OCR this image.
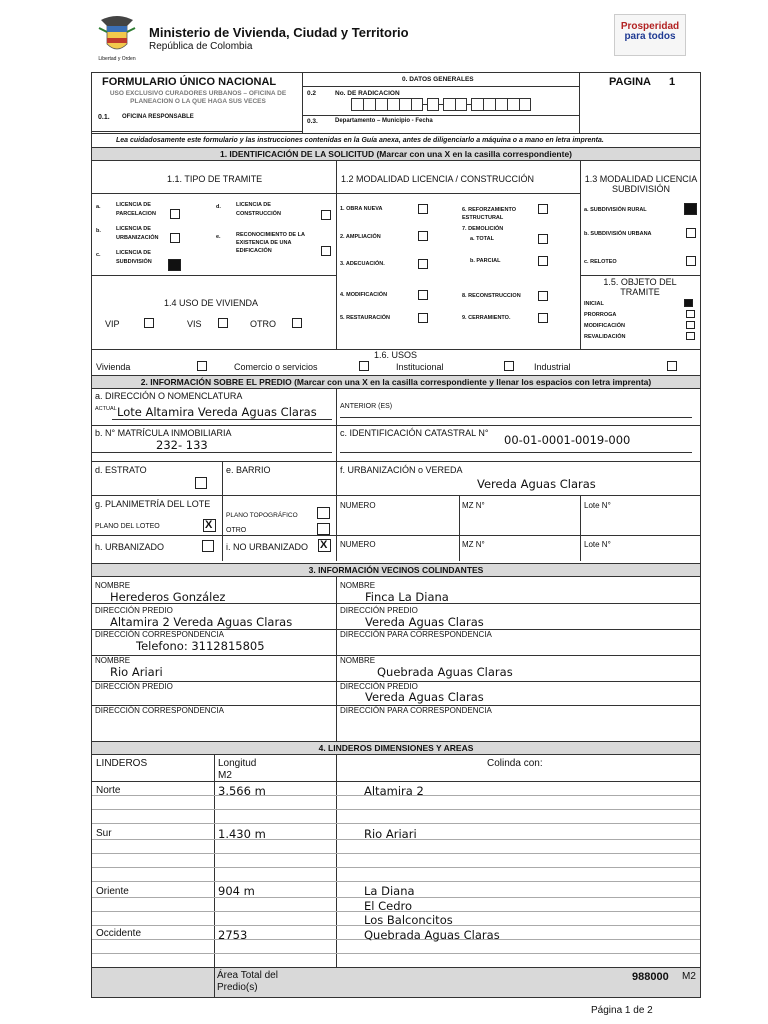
Libertad y Orden
Ministerio de Vivienda, Ciudad y Territorio
República de Colombia
Prosperidad
para todos
FORMULARIO ÚNICO NACIONAL
USO EXCLUSIVO CURADORES URBANOS – OFICINA DE PLANEACION O LA QUE HAGA SUS VECES
0.1. OFICINA RESPONSABLE
0. DATOS GENERALES
0.2	No. DE RADICACION
0.3.	Departamento – Municipio - Fecha
PAGINA 1
Lea cuidadosamente este formulario y las instrucciones contenidas en la Guía anexa, antes de diligenciarlo a máquina o a mano en letra imprenta.
1. IDENTIFICACIÓN DE LA SOLICITUD (Marcar con una X en la casilla correspondiente)
1.1. TIPO DE TRAMITE	1.2 MODALIDAD LICENCIA / CONSTRUCCIÓN	1.3 MODALIDAD LICENCIA SUBDIVISIÓN
a.	LICENCIA DE PARCELACION
b.	LICENCIA DE URBANIZACIÓN
c.	LICENCIA DE SUBDIVISIÓN
d.	LICENCIA DE CONSTRUCCIÓN
e.	RECONOCIMIENTO DE LA EXISTENCIA DE UNA EDIFICACIÓN
1. OBRA NUEVA
2. AMPLIACIÓN
3. ADECUACIÓN.
6. REFORZAMIENTO ESTRUCTURAL
7. DEMOLICIÓN
a. TOTAL
b. PARCIAL
4. MODIFICACIÓN
5. RESTAURACIÓN
8. RECONSTRUCCION
9. CERRAMIENTO.
a. SUBDIVISIÓN RURAL
b. SUBDIVISIÓN URBANA
c. RELOTEO
1.4 USO DE VIVIENDA
VIP	VIS	OTRO
1.5. OBJETO DEL TRAMITE
INICIAL
PRORROGA
MODIFICACIÓN
REVALIDACIÓN
1.6. USOS
Vivienda	Comercio o servicios	Institucional	Industrial
2. INFORMACIÓN SOBRE EL PREDIO (Marcar con una X en la casilla correspondiente y llenar los espacios con letra imprenta)
a. DIRECCIÓN O NOMENCLATURA
ACTUAL Lote Altamira Vereda Aguas Claras	ANTERIOR (ES)
b. N° MATRÍCULA INMOBILIARIA
232- 133
c. IDENTIFICACIÓN CATASTRAL N° 00-01-0001-0019-000
d. ESTRATO	e. BARRIO	f. URBANIZACIÓN o VEREDA
Vereda Aguas Claras
g. PLANIMETRÍA DEL LOTE
PLANO DEL LOTEO	X
PLANO TOPOGRÁFICO
OTRO
h. URBANIZADO	i. NO URBANIZADO X
NUMERO	MZ N°	Lote N°
NUMERO	MZ N°	Lote N°
3. INFORMACIÓN VECINOS COLINDANTES
NOMBRE
Herederos González
DIRECCIÓN PREDIO
Altamira 2 Vereda Aguas Claras
DIRECCIÓN CORRESPONDENCIA
Telefono: 3112815805
NOMBRE
Finca La Diana
DIRECCIÓN PREDIO
Vereda Aguas Claras
DIRECCIÓN PARA CORRESPONDENCIA
NOMBRE
Rio Ariari
DIRECCIÓN PREDIO
DIRECCIÓN CORRESPONDENCIA
NOMBRE
Quebrada Aguas Claras
DIRECCIÓN PREDIO
Vereda Aguas Claras
DIRECCIÓN PARA CORRESPONDENCIA
4. LINDEROS DIMENSIONES Y AREAS
LINDEROS	Longitud
M2
Colinda con:
Norte	3.566 m	Altamira 2
Sur	1.430 m	Rio Ariari
Oriente	904 m	La Diana
El Cedro
Los Balconcitos
Occidente	2753	Quebrada Aguas Claras
Área Total del Predio(s)
988000 M2
Página 1 de 2
